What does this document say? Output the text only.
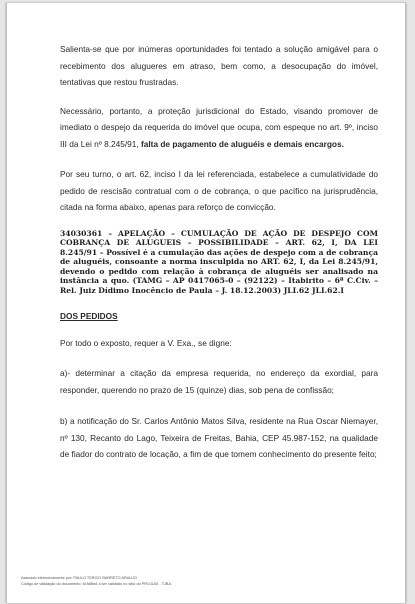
Salienta-se que por inúmeras oportunidades foi tentado a solução amigável para o recebimento dos alugueres em atraso, bem como, a desocupação do imóvel, tentativas que restou frustradas.

Necessário, portanto, a proteção jurisdicional do Estado, visando promover de imediato o despejo da requerida do imóvel que ocupa, com espeque no art. 9º, inciso III da Lei nº 8.245/91, falta de pagamento de aluguéis e demais encargos.

Por seu turno, o art. 62, inciso I da lei referenciada, estabelece a cumulatividade do pedido de rescisão contratual com o de cobrança, o que pacífico na jurisprudência, citada na forma abaixo, apenas para reforço de convicção.

34030361 – APELAÇÃO – CUMULAÇÃO DE AÇÃO DE DESPEJO COM COBRANÇA DE ALUGUEIS – POSSIBILIDADE – ART. 62, I, DA LEI 8.245/91 – Possível é a cumulação das ações de despejo com a de cobrança de aluguéis, consoante a norma insculpida no ART. 62, I, da Lei 8.245/91, devendo o pedido com relação à cobrança de aluguéis ser analisado na instância a quo. (TAMG – AP 0417065-0 – (92122) – Itabirito – 6ª C.Civ. – Rel. Juiz Dídimo Inocêncio de Paula – J. 18.12.2003) JLI.62 JLI.62.I
DOS PEDIDOS

Por todo o exposto, requer a V. Exa., se digne:

a)- determinar a citação da empresa requerida, no endereço da exordial, para responder, querendo no prazo de 15 (quinze) dias, sob pena de confissão;

b) a notificação do Sr. Carlos Antônio Matos Silva, residente na Rua Oscar Niemayer, nº 130, Recanto do Lago, Teixeira de Freitas, Bahia, CEP 45.987-152, na qualidade de fiador do contrato de locação, a fim de que tomem conhecimento do presente feito;

Assinado eletronicamente por: PAULO TERCIO BARRETO ARAUJO
Código de validação do documento: 61fd8fa4 a ser validado no sítio do PROJUDI - TJBA.
